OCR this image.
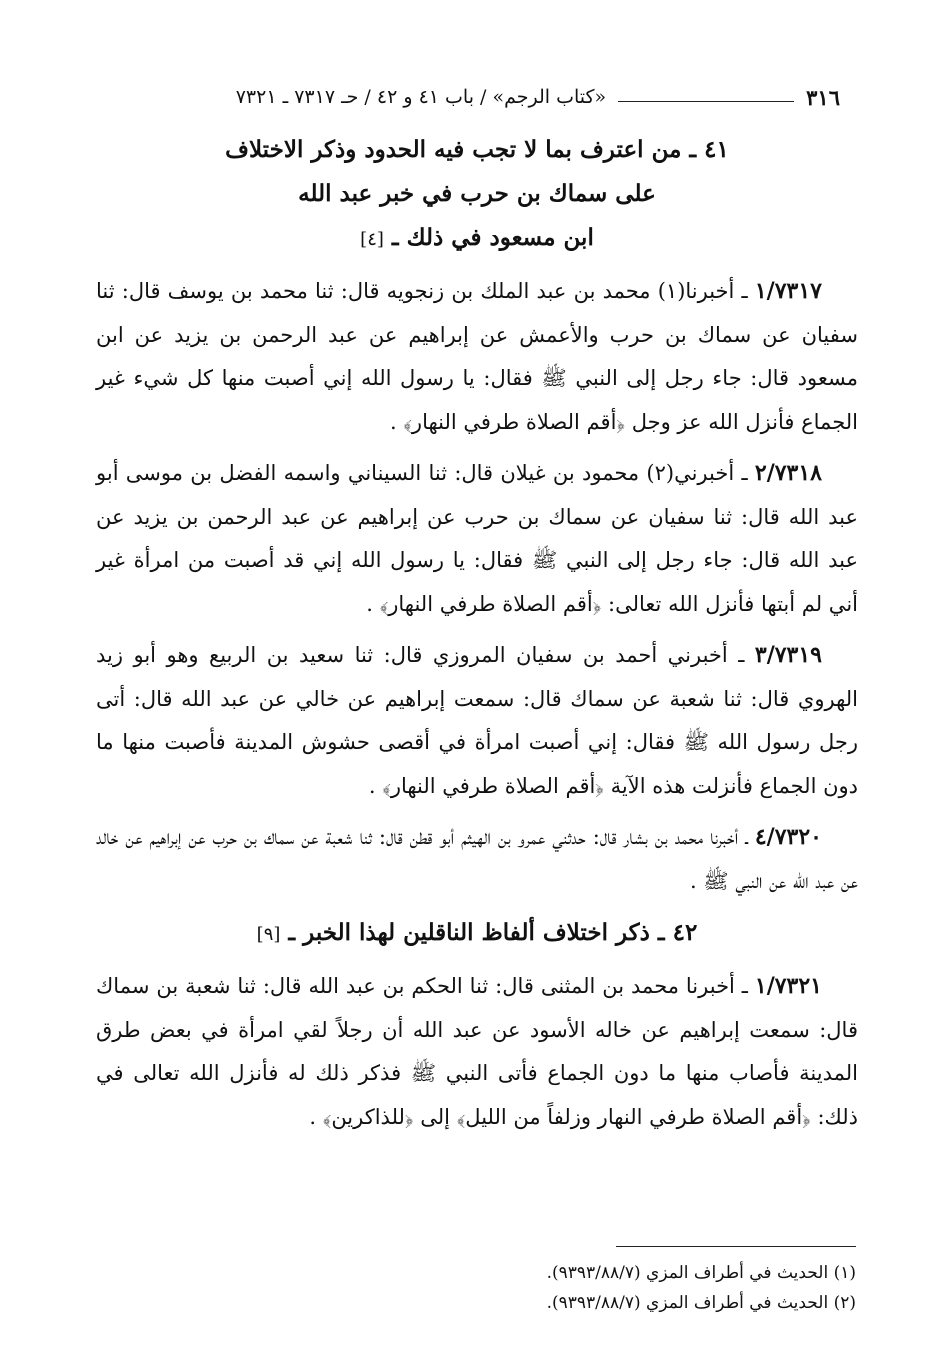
٣١٦
«كتاب الرجم» / باب ٤١ و ٤٢ / حـ ٧٣١٧ ـ ٧٣٢١
٤١ ـ من اعترف بما لا تجب فيه الحدود وذكر الاختلاف
على سماك بن حرب في خبر عبد الله
ابن مسعود في ذلك ـ [٤]

١/٧٣١٧ ـ أخبرنا(١) محمد بن عبد الملك بن زنجويه قال: ثنا محمد بن يوسف قال: ثنا سفيان عن سماك بن حرب والأعمش عن إبراهيم عن عبد الرحمن بن يزيد عن ابن مسعود قال: جاء رجل إلى النبي ﷺ فقال: يا رسول الله إني أصبت منها كل شيء غير الجماع فأنزل الله عز وجل ﴿أقم الصلاة طرفي النهار﴾ .

٢/٧٣١٨ ـ أخبرني(٢) محمود بن غيلان قال: ثنا السيناني واسمه الفضل بن موسى أبو عبد الله قال: ثنا سفيان عن سماك بن حرب عن إبراهيم عن عبد الرحمن بن يزيد عن عبد الله قال: جاء رجل إلى النبي ﷺ فقال: يا رسول الله إني قد أصبت من امرأة غير أني لم أبتها فأنزل الله تعالى: ﴿أقم الصلاة طرفي النهار﴾ .

٣/٧٣١٩ ـ أخبرني أحمد بن سفيان المروزي قال: ثنا سعيد بن الربيع وهو أبو زيد الهروي قال: ثنا شعبة عن سماك قال: سمعت إبراهيم عن خالي عن عبد الله قال: أتى رجل رسول الله ﷺ فقال: إني أصبت امرأة في أقصى حشوش المدينة فأصبت منها ما دون الجماع فأنزلت هذه الآية ﴿أقم الصلاة طرفي النهار﴾ .

٤/٧٣٢٠ ـ أخبرنا محمد بن بشار قال: حدثني عمرو بن الهيثم أبو قطن قال: ثنا شعبة عن سماك بن حرب عن إبراهيم عن خالد عن عبد الله عن النبي ﷺ .

٤٢ ـ ذكر اختلاف ألفاظ الناقلين لهذا الخبر ـ [٩]

١/٧٣٢١ ـ أخبرنا محمد بن المثنى قال: ثنا الحكم بن عبد الله قال: ثنا شعبة بن سماك قال: سمعت إبراهيم عن خاله الأسود عن عبد الله أن رجلاً لقي امرأة في بعض طرق المدينة فأصاب منها ما دون الجماع فأتى النبي ﷺ فذكر ذلك له فأنزل الله تعالى في ذلك: ﴿أقم الصلاة طرفي النهار وزلفاً من الليل﴾ إلى ﴿للذاكرين﴾ .

(١) الحديث في أطراف المزي (٩٣٩٣/٨٨/٧).
(٢) الحديث في أطراف المزي (٩٣٩٣/٨٨/٧).
